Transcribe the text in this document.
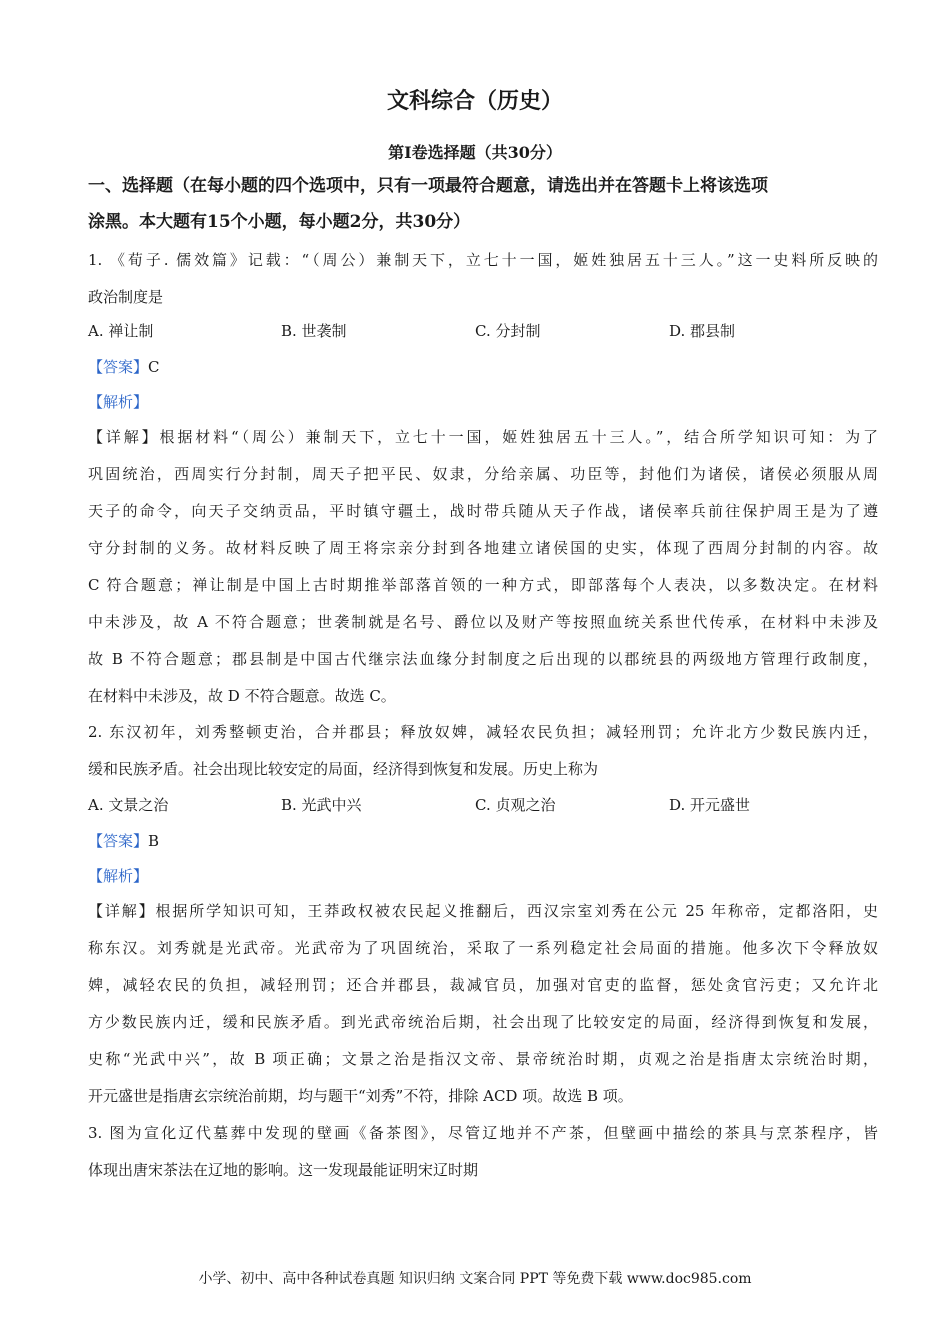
文科综合（历史）
第Ⅰ卷选择题（共30分）
一、选择题（在每小题的四个选项中，只有一项最符合题意，请选出并在答题卡上将该选项
涂黑。本大题有15个小题，每小题2分，共30分）
1. 《荀子. 儒效篇》记载：“（周公）兼制天下，立七十一国，姬姓独居五十三人。”这一史料所反映的
政治制度是
A. 禅让制	B. 世袭制	C. 分封制	D. 郡县制
【答案】C
【解析】
【详解】根据材料“（周公）兼制天下，立七十一国，姬姓独居五十三人。”，结合所学知识可知：为了
巩固统治，西周实行分封制，周天子把平民、奴隶，分给亲属、功臣等，封他们为诸侯，诸侯必须服从周
天子的命令，向天子交纳贡品，平时镇守疆土，战时带兵随从天子作战，诸侯率兵前往保护周王是为了遵
守分封制的义务。故材料反映了周王将宗亲分封到各地建立诸侯国的史实，体现了西周分封制的内容。故
C 符合题意；禅让制是中国上古时期推举部落首领的一种方式，即部落每个人表决，以多数决定。在材料
中未涉及，故 A 不符合题意；世袭制就是名号、爵位以及财产等按照血统关系世代传承，在材料中未涉及
故 B 不符合题意；郡县制是中国古代继宗法血缘分封制度之后出现的以郡统县的两级地方管理行政制度，
在材料中未涉及，故 D 不符合题意。故选 C。
2. 东汉初年，刘秀整顿吏治，合并郡县；释放奴婢，减轻农民负担；减轻刑罚；允许北方少数民族内迁，
缓和民族矛盾。社会出现比较安定的局面，经济得到恢复和发展。历史上称为
A. 文景之治	B. 光武中兴	C. 贞观之治	D. 开元盛世
【答案】B
【解析】
【详解】根据所学知识可知，王莽政权被农民起义推翻后，西汉宗室刘秀在公元 25 年称帝，定都洛阳，史
称东汉。刘秀就是光武帝。光武帝为了巩固统治，采取了一系列稳定社会局面的措施。他多次下令释放奴
婢，减轻农民的负担，减轻刑罚；还合并郡县，裁减官员，加强对官吏的监督，惩处贪官污吏；又允许北
方少数民族内迁，缓和民族矛盾。到光武帝统治后期，社会出现了比较安定的局面，经济得到恢复和发展，
史称“光武中兴”，故 B 项正确；文景之治是指汉文帝、景帝统治时期，贞观之治是指唐太宗统治时期，
开元盛世是指唐玄宗统治前期，均与题干“刘秀”不符，排除 ACD 项。故选 B 项。
3. 图为宣化辽代墓葬中发现的壁画《备茶图》，尽管辽地并不产茶，但壁画中描绘的茶具与烹茶程序，皆
体现出唐宋茶法在辽地的影响。这一发现最能证明宋辽时期
小学、初中、高中各种试卷真题 知识归纳 文案合同 PPT 等免费下载 www.doc985.com
